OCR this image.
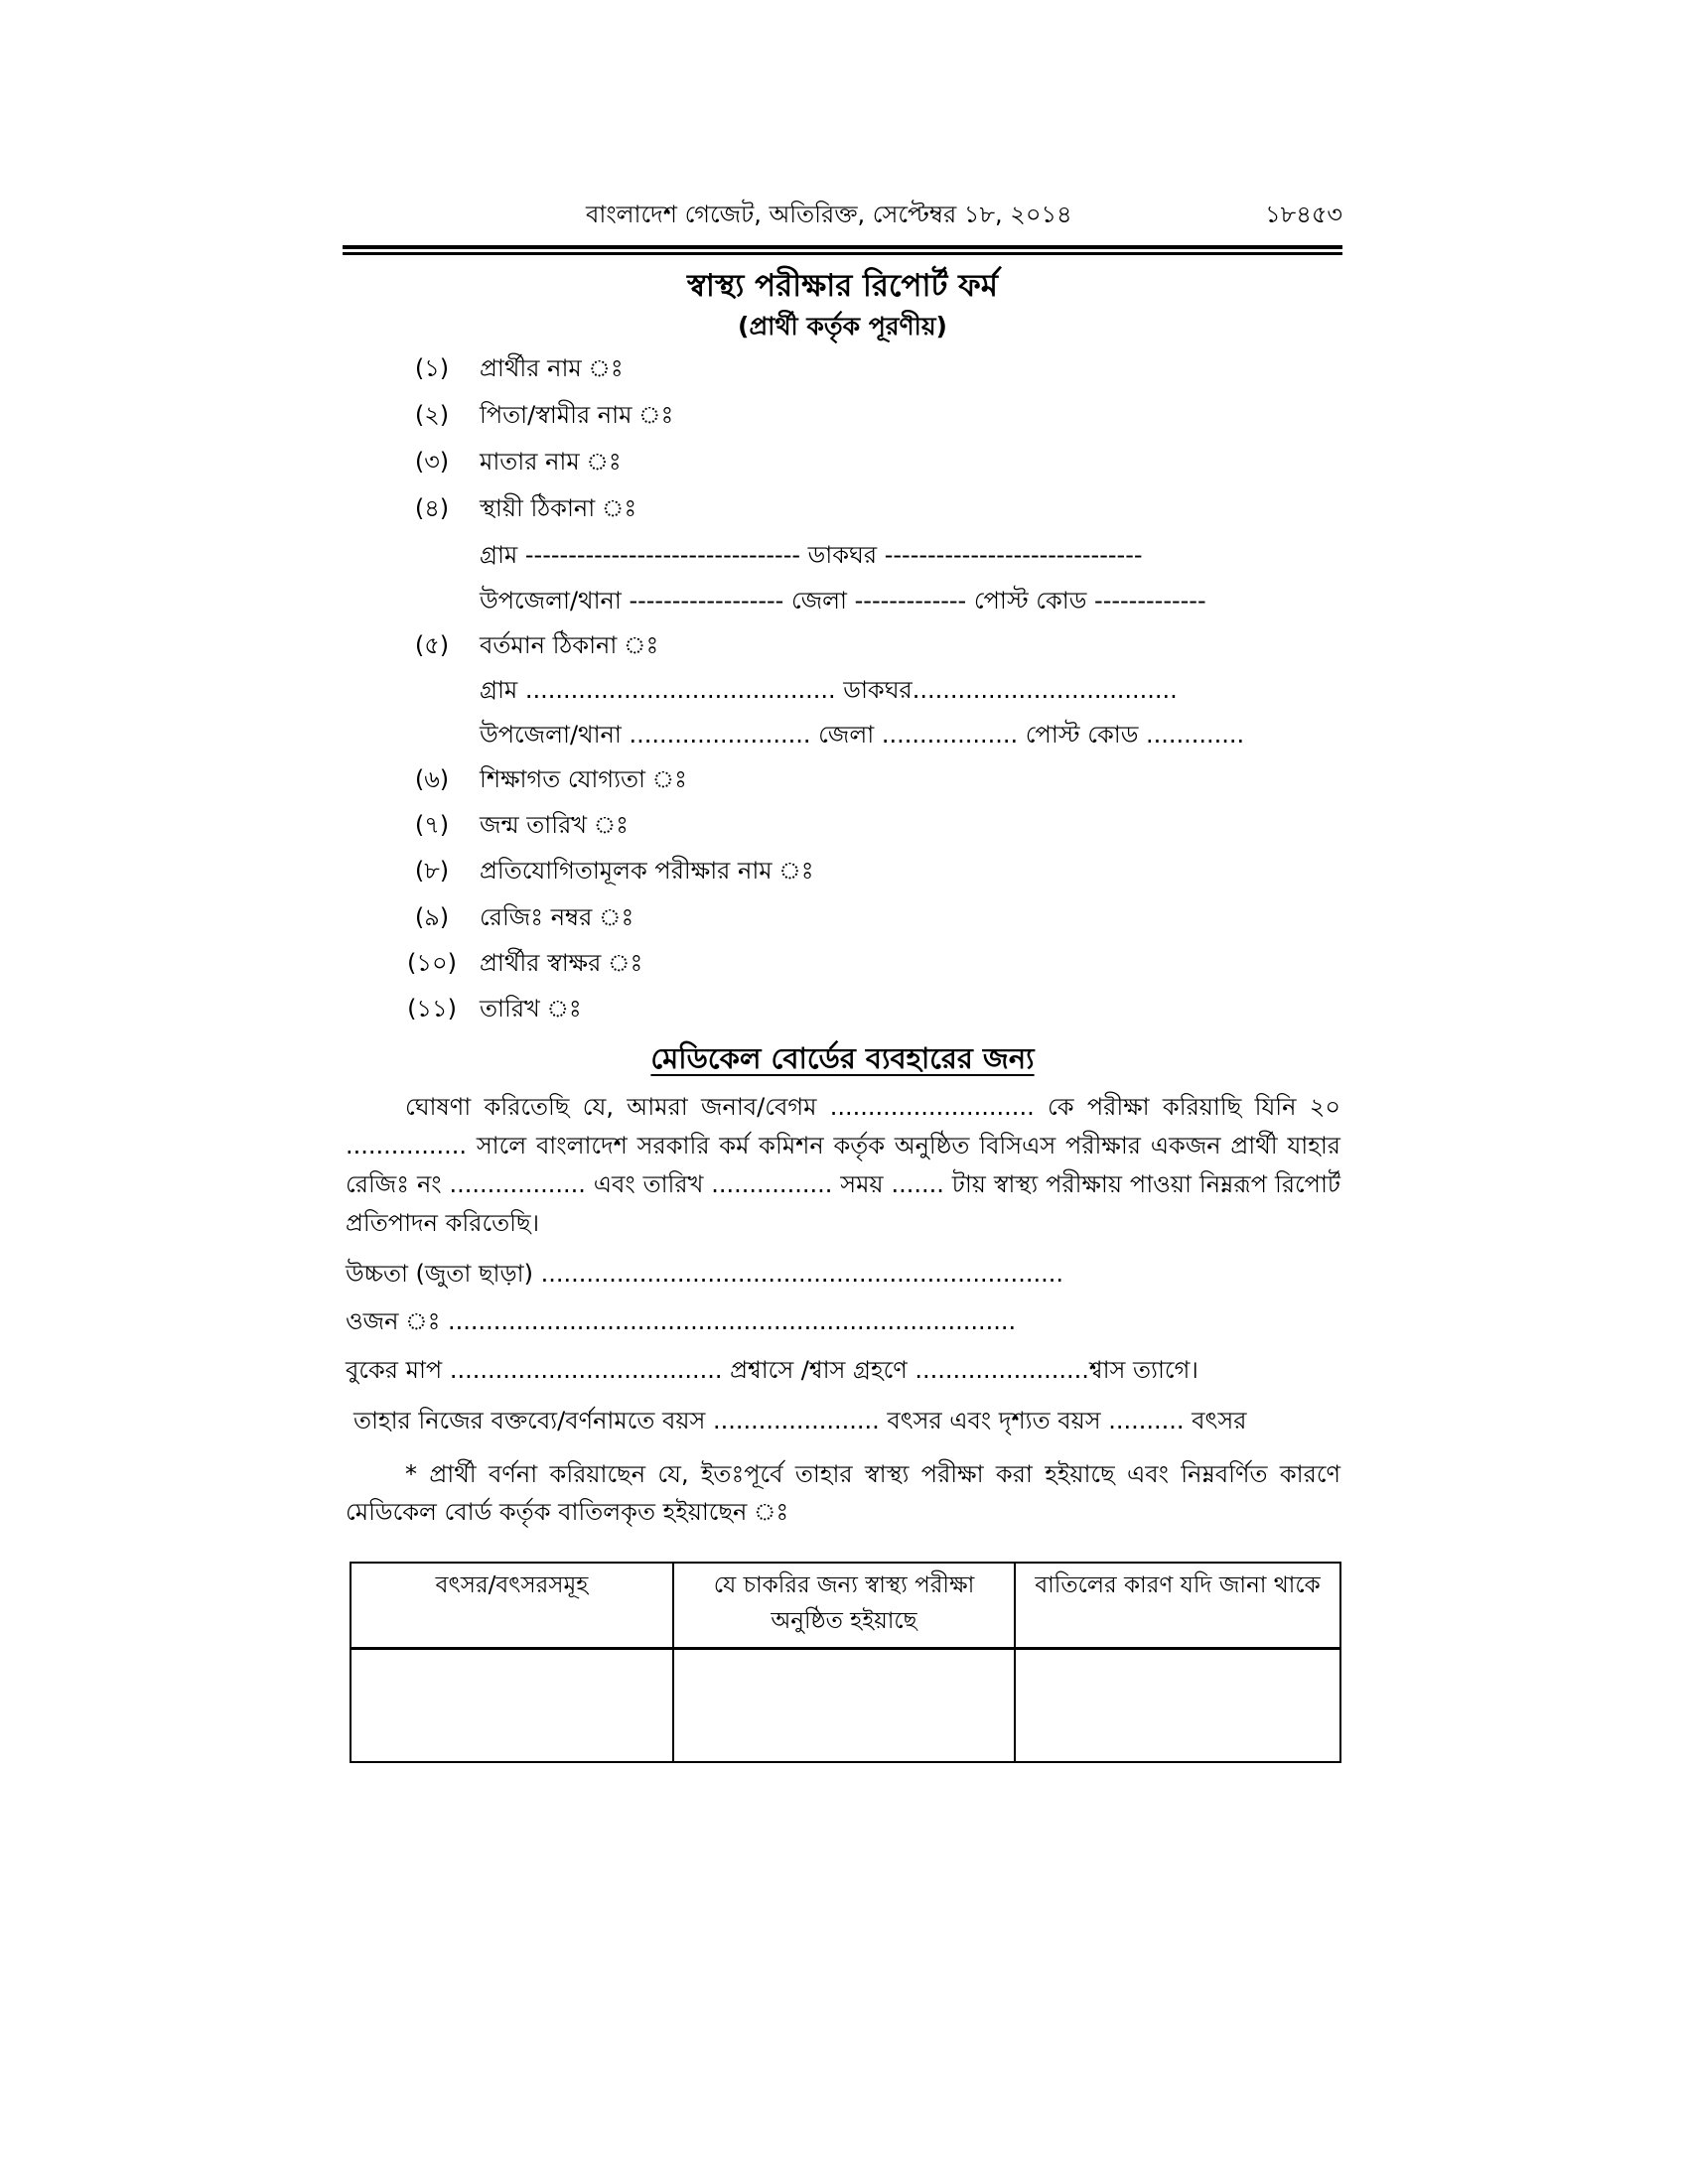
বাংলাদেশ গেজেট, অতিরিক্ত, সেপ্টেম্বর ১৮, ২০১৪	১৮৪৫৩
স্বাস্থ্য পরীক্ষার রিপোর্ট ফর্ম
(প্রার্থী কর্তৃক পূরণীয়)
(১)	প্রার্থীর নাম ঃ
(২)	পিতা/স্বামীর নাম ঃ
(৩)	মাতার নাম ঃ
(৪)	স্থায়ী ঠিকানা ঃ
গ্রাম -------------------------------- ডাকঘর ------------------------------
উপজেলা/থানা ------------------ জেলা ------------- পোস্ট কোড -------------
(৫)	বর্তমান ঠিকানা ঃ
গ্রাম ......................................... ডাকঘর...................................
উপজেলা/থানা ........................ জেলা .................. পোস্ট কোড .............
(৬)	শিক্ষাগত যোগ্যতা ঃ
(৭)	জন্ম তারিখ ঃ
(৮)	প্রতিযোগিতামূলক পরীক্ষার নাম ঃ
(৯)	রেজিঃ নম্বর ঃ
(১০) প্রার্থীর স্বাক্ষর ঃ
(১১) তারিখ ঃ
মেডিকেল বোর্ডের ব্যবহারের জন্য
ঘোষণা করিতেছি যে, আমরা জনাব/বেগম ........................... কে পরীক্ষা করিয়াছি যিনি ২০ ................ সালে বাংলাদেশ সরকারি কর্ম কমিশন কর্তৃক অনুষ্ঠিত বিসিএস পরীক্ষার একজন প্রার্থী যাহার রেজিঃ নং .................. এবং তারিখ ................ সময় ....... টায় স্বাস্থ্য পরীক্ষায় পাওয়া নিম্নরূপ রিপোর্ট প্রতিপাদন করিতেছি।
উচ্চতা (জুতা ছাড়া) .....................................................................
ওজন ঃ ...........................................................................
বুকের মাপ .................................... প্রশ্বাসে /শ্বাস গ্রহণে .......................শ্বাস ত্যাগে।
তাহার নিজের বক্তব্যে/বর্ণনামতে বয়স ...................... বৎসর এবং দৃশ্যত বয়স .......... বৎসর
* প্রার্থী বর্ণনা করিয়াছেন যে, ইতঃপূর্বে তাহার স্বাস্থ্য পরীক্ষা করা হইয়াছে এবং নিম্নবর্ণিত কারণে মেডিকেল বোর্ড কর্তৃক বাতিলকৃত হইয়াছেন ঃ
বৎসর/বৎসরসমূহ	যে চাকরির জন্য স্বাস্থ্য পরীক্ষা অনুষ্ঠিত হইয়াছে	বাতিলের কারণ যদি জানা থাকে
